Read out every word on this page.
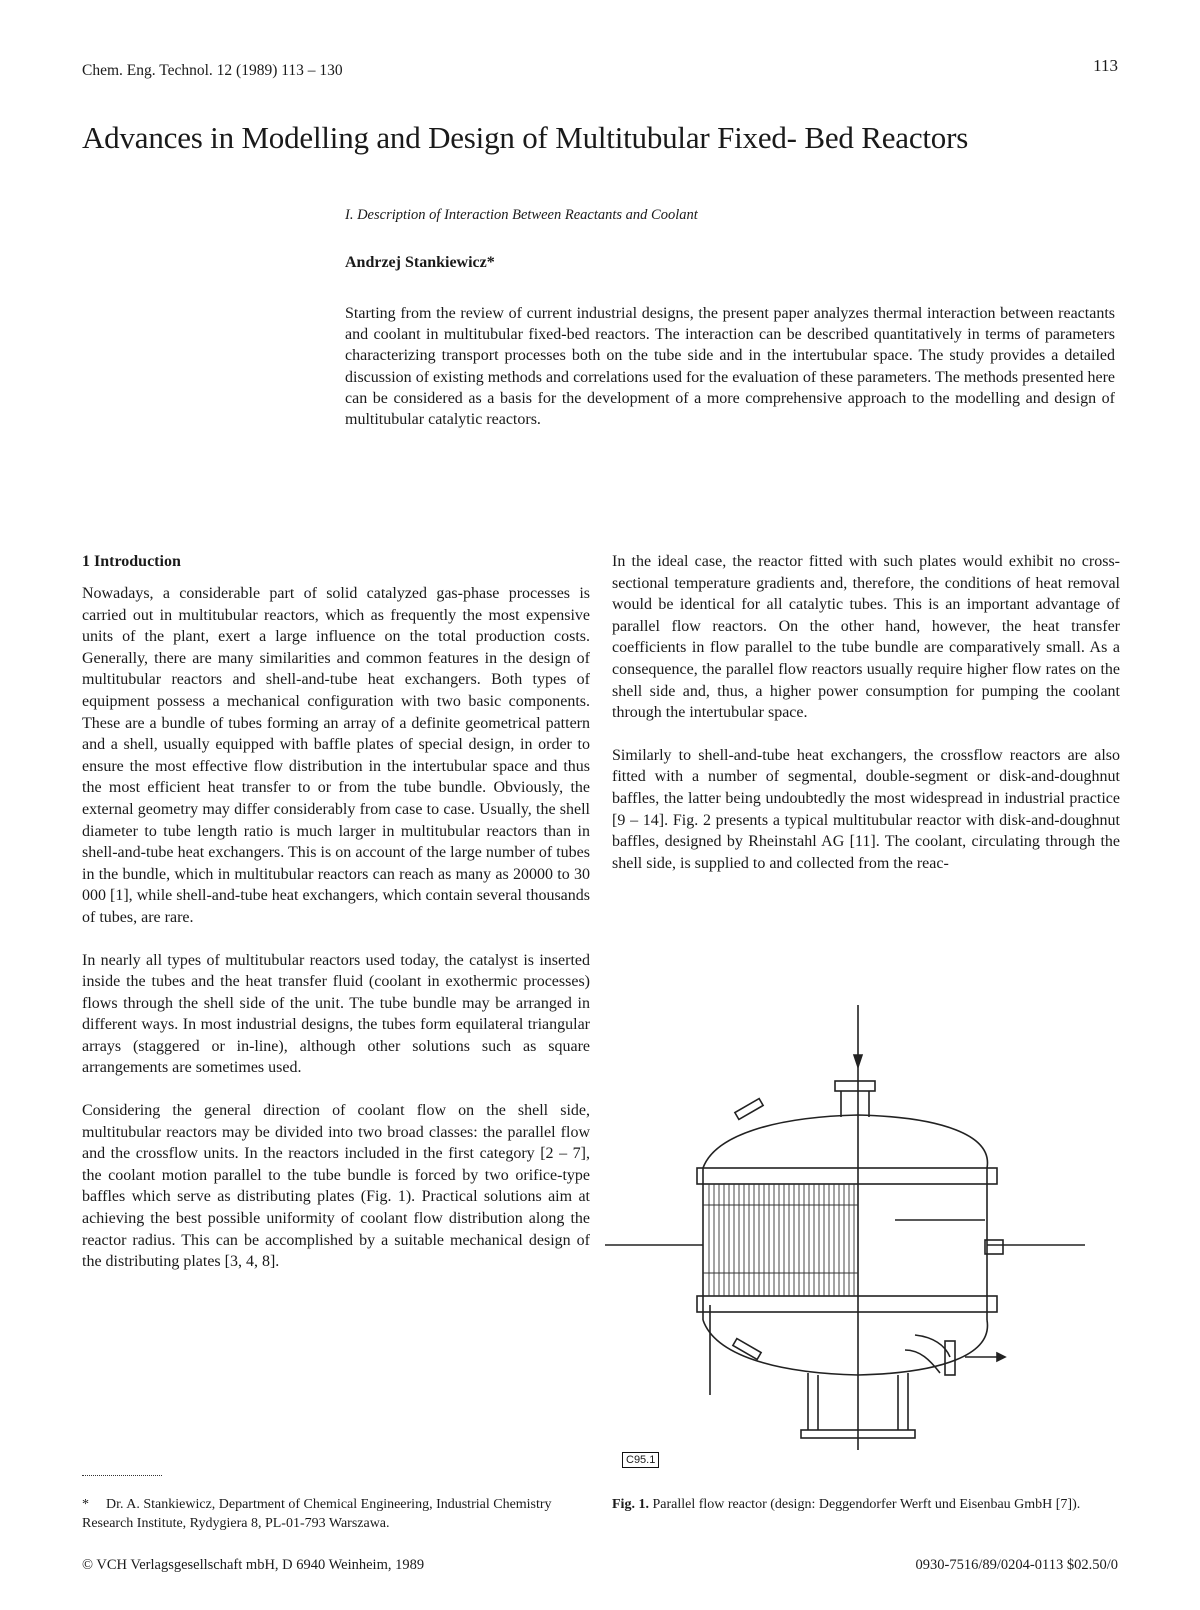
Chem. Eng. Technol. 12 (1989) 113 – 130	113
Advances in Modelling and Design of Multitubular Fixed- Bed Reactors
I. Description of Interaction Between Reactants and Coolant
Andrzej Stankiewicz*
Starting from the review of current industrial designs, the present paper analyzes thermal interaction between reactants and coolant in multitubular fixed-bed reactors. The interaction can be described quantitatively in terms of parameters characterizing transport processes both on the tube side and in the intertubular space. The study provides a detailed discussion of existing methods and correlations used for the evaluation of these parameters. The methods presented here can be considered as a basis for the development of a more comprehensive approach to the modelling and design of multitubular catalytic reactors.
1 Introduction

Nowadays, a considerable part of solid catalyzed gas-phase processes is carried out in multitubular reactors, which as frequently the most expensive units of the plant, exert a large influence on the total production costs. Generally, there are many similarities and common features in the design of multitubular reactors and shell-and-tube heat exchangers. Both types of equipment possess a mechanical configuration with two basic components. These are a bundle of tubes forming an array of a definite geometrical pattern and a shell, usually equipped with baffle plates of special design, in order to ensure the most effective flow distribution in the intertubular space and thus the most efficient heat transfer to or from the tube bundle. Obviously, the external geometry may differ considerably from case to case. Usually, the shell diameter to tube length ratio is much larger in multitubular reactors than in shell-and-tube heat exchangers. This is on account of the large number of tubes in the bundle, which in multitubular reactors can reach as many as 20000 to 30 000 [1], while shell-and-tube heat exchangers, which contain several thousands of tubes, are rare.

In nearly all types of multitubular reactors used today, the catalyst is inserted inside the tubes and the heat transfer fluid (coolant in exothermic processes) flows through the shell side of the unit. The tube bundle may be arranged in different ways. In most industrial designs, the tubes form equilateral triangular arrays (staggered or in-line), although other solutions such as square arrangements are sometimes used.

Considering the general direction of coolant flow on the shell side, multitubular reactors may be divided into two broad classes: the parallel flow and the crossflow units. In the reactors included in the first category [2 – 7], the coolant motion parallel to the tube bundle is forced by two orifice-type baffles which serve as distributing plates (Fig. 1). Practical solutions aim at achieving the best possible uniformity of coolant flow distribution along the reactor radius. This can be accomplished by a suitable mechanical design of the distributing plates [3, 4, 8].

In the ideal case, the reactor fitted with such plates would exhibit no cross-sectional temperature gradients and, therefore, the conditions of heat removal would be identical for all catalytic tubes. This is an important advantage of parallel flow reactors. On the other hand, however, the heat transfer coefficients in flow parallel to the tube bundle are comparatively small. As a consequence, the parallel flow reactors usually require higher flow rates on the shell side and, thus, a higher power consumption for pumping the coolant through the intertubular space.

Similarly to shell-and-tube heat exchangers, the crossflow reactors are also fitted with a number of segmental, double-segment or disk-and-doughnut baffles, the latter being undoubtedly the most widespread in industrial practice [9 – 14]. Fig. 2 presents a typical multitubular reactor with disk-and-doughnut baffles, designed by Rheinstahl AG [11]. The coolant, circulating through the shell side, is supplied to and collected from the reac-

C95.1
Fig. 1. Parallel flow reactor (design: Deggendorfer Werft und Eisenbau GmbH [7]).
* Dr. A. Stankiewicz, Department of Chemical Engineering, Industrial Chemistry Research Institute, Rydygiera 8, PL-01-793 Warszawa.
© VCH Verlagsgesellschaft mbH, D 6940 Weinheim, 1989	0930-7516/89/0204-0113 $02.50/0
